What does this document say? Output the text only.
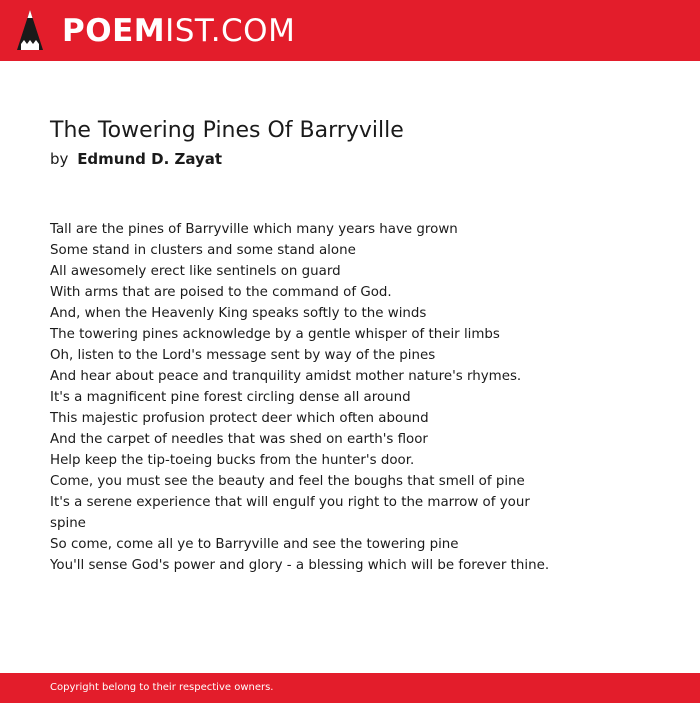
POEMIST.COM
The Towering Pines Of Barryville
by Edmund D. Zayat
Tall are the pines of Barryville which many years have grown
Some stand in clusters and some stand alone
All awesomely erect like sentinels on guard
With arms that are poised to the command of God.
And, when the Heavenly King speaks softly to the winds
The towering pines acknowledge by a gentle whisper of their limbs
Oh, listen to the Lord's message sent by way of the pines
And hear about peace and tranquility amidst mother nature's rhymes.
It's a magnificent pine forest circling dense all around
This majestic profusion protect deer which often abound
And the carpet of needles that was shed on earth's floor
Help keep the tip-toeing bucks from the hunter's door.
Come, you must see the beauty and feel the boughs that smell of pine
It's a serene experience that will engulf you right to the marrow of your spine
So come, come all ye to Barryville and see the towering pine
You'll sense God's power and glory - a blessing which will be forever thine.
Copyright belong to their respective owners.
